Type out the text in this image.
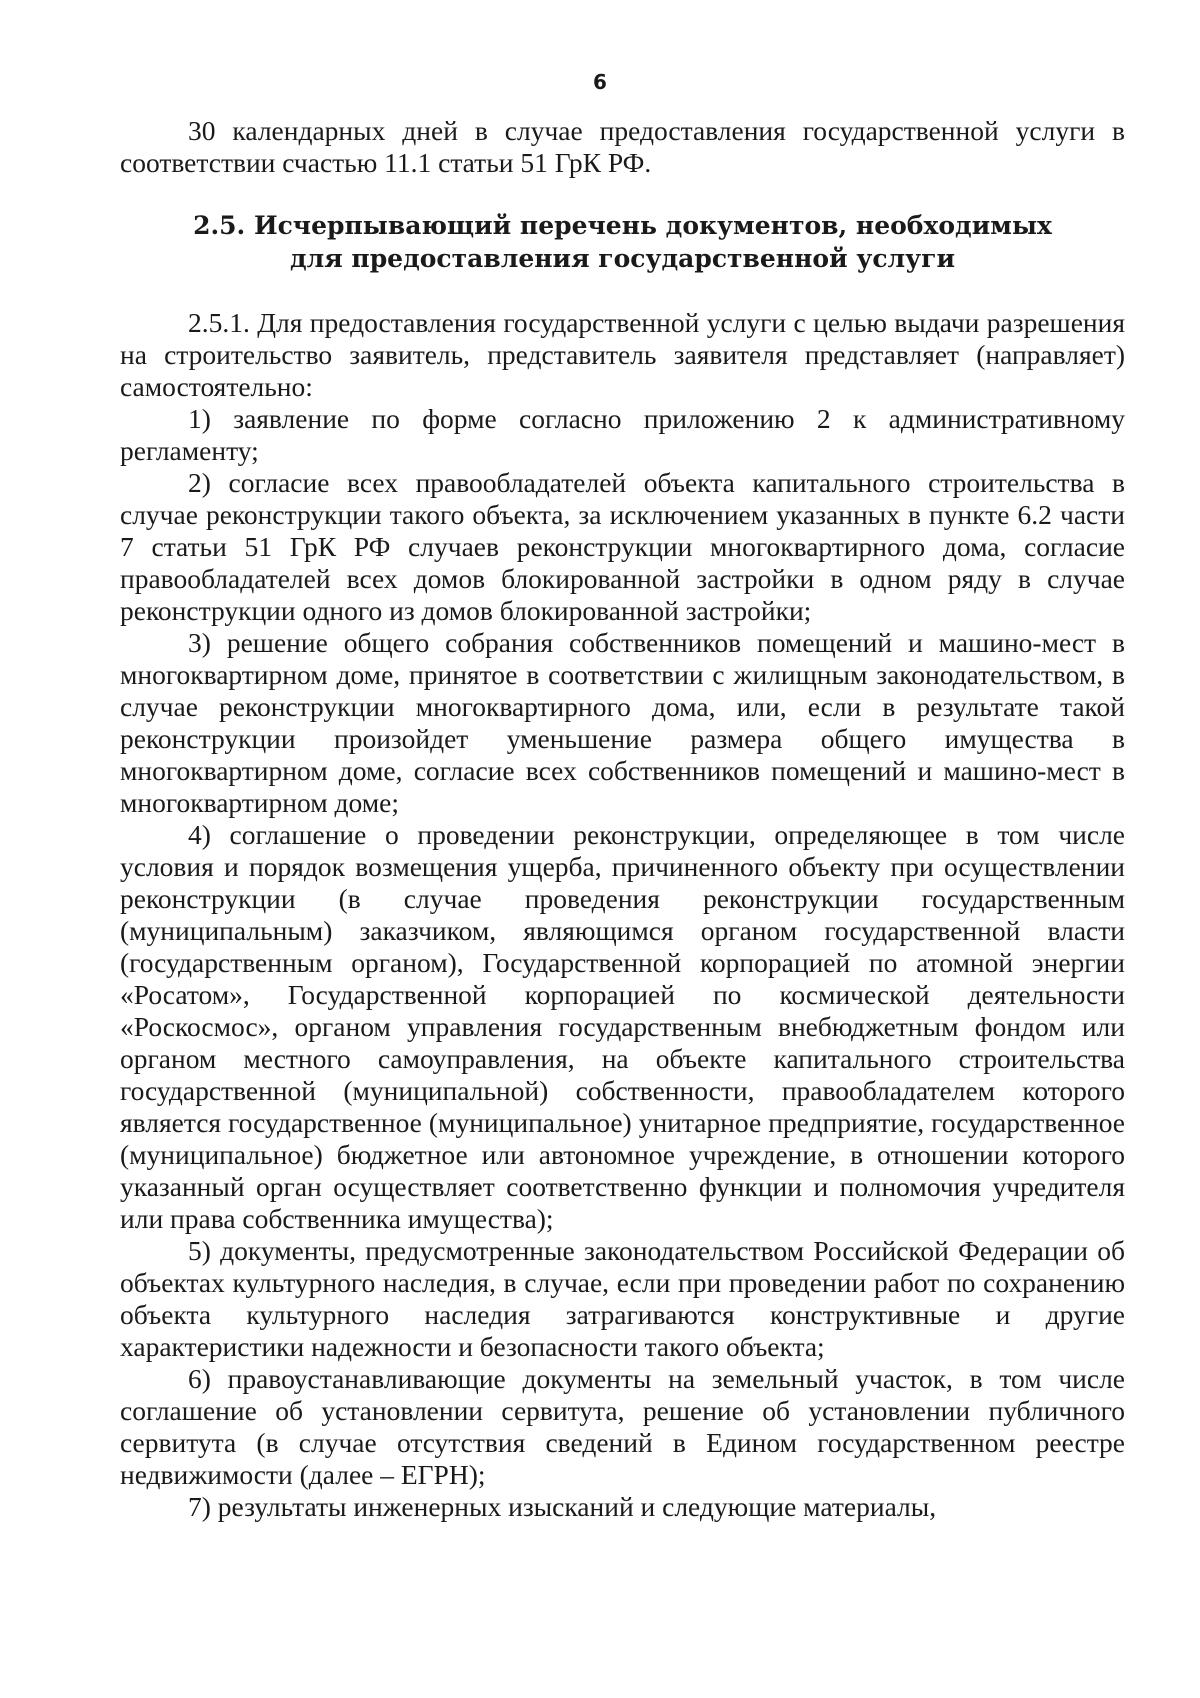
6

30 календарных дней в случае предоставления государственной услуги в соответствии счастью 11.1 статьи 51 ГрК РФ.

2.5. Исчерпывающий перечень документов, необходимых
для предоставления государственной услуги

2.5.1. Для предоставления государственной услуги с целью выдачи разрешения на строительство заявитель, представитель заявителя представляет (направляет) самостоятельно:

1) заявление по форме согласно приложению 2 к административному регламенту;

2) согласие всех правообладателей объекта капитального строительства в случае реконструкции такого объекта, за исключением указанных в пункте 6.2 части 7 статьи 51 ГрК РФ случаев реконструкции многоквартирного дома, согласие правообладателей всех домов блокированной застройки в одном ряду в случае реконструкции одного из домов блокированной застройки;

3) решение общего собрания собственников помещений и машино-мест в многоквартирном доме, принятое в соответствии с жилищным законодательством, в случае реконструкции многоквартирного дома, или, если в результате такой реконструкции произойдет уменьшение размера общего имущества в многоквартирном доме, согласие всех собственников помещений и машино-мест в многоквартирном доме;

4) соглашение о проведении реконструкции, определяющее в том числе условия и порядок возмещения ущерба, причиненного объекту при осуществлении реконструкции (в случае проведения реконструкции государственным (муниципальным) заказчиком, являющимся органом государственной власти (государственным органом), Государственной корпорацией по атомной энергии «Росатом», Государственной корпорацией по космической деятельности «Роскосмос», органом управления государственным внебюджетным фондом или органом местного самоуправления, на объекте капитального строительства государственной (муниципальной) собственности, правообладателем которого является государственное (муниципальное) унитарное предприятие, государственное (муниципальное) бюджетное или автономное учреждение, в отношении которого указанный орган осуществляет соответственно функции и полномочия учредителя или права собственника имущества);

5) документы, предусмотренные законодательством Российской Федерации об объектах культурного наследия, в случае, если при проведении работ по сохранению объекта культурного наследия затрагиваются конструктивные и другие характеристики надежности и безопасности такого объекта;

6) правоустанавливающие документы на земельный участок, в том числе соглашение об установлении сервитута, решение об установлении публичного сервитута (в случае отсутствия сведений в Едином государственном реестре недвижимости (далее – ЕГРН);

7) результаты инженерных изысканий и следующие материалы,
